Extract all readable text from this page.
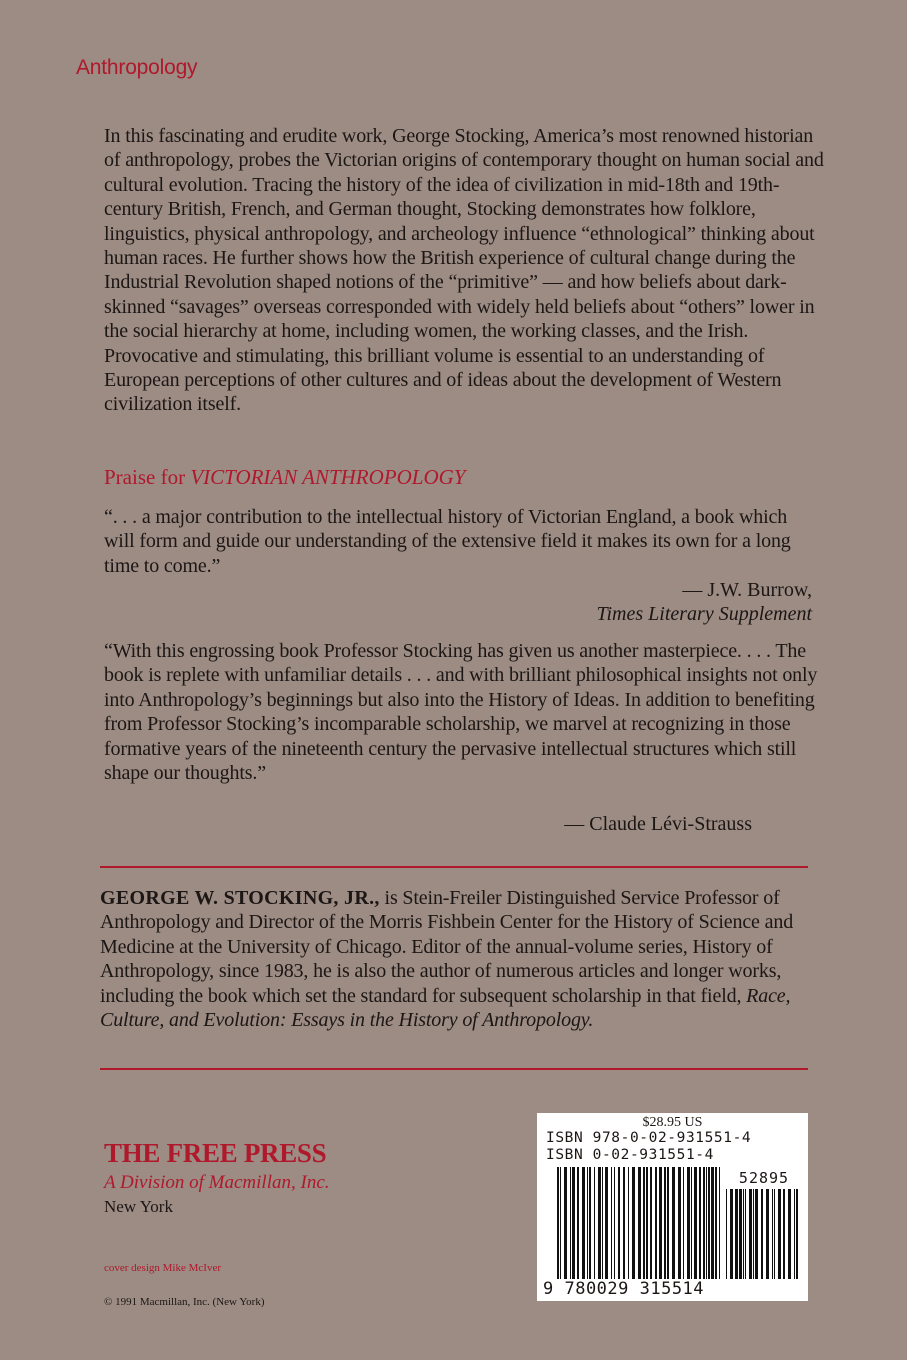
Anthropology

In this fascinating and erudite work, George Stocking, America’s most renowned historian of anthropology, probes the Victorian origins of contemporary thought on human social and cultural evolution. Tracing the history of the idea of civilization in mid-18th and 19th-century British, French, and German thought, Stocking demonstrates how folklore, linguistics, physical anthropology, and archeology influence “ethnological” thinking about human races. He further shows how the British experience of cultural change during the Industrial Revolution shaped notions of the “primitive” — and how beliefs about dark-skinned “savages” overseas corresponded with widely held beliefs about “others” lower in the social hierarchy at home, including women, the working classes, and the Irish. Provocative and stimulating, this brilliant volume is essential to an understanding of European perceptions of other cultures and of ideas about the development of Western civilization itself.

Praise for VICTORIAN ANTHROPOLOGY
“. . . a major contribution to the intellectual history of Victorian England, a book which will form and guide our understanding of the extensive field it makes its own for a long time to come.”
— J.W. Burrow,
Times Literary Supplement
“With this engrossing book Professor Stocking has given us another masterpiece. . . . The book is replete with unfamiliar details . . . and with brilliant philosophical insights not only into Anthropology’s beginnings but also into the History of Ideas. In addition to benefiting from Professor Stocking’s incomparable scholarship, we marvel at recognizing in those formative years of the nineteenth century the pervasive intellectual structures which still shape our thoughts.”
— Claude Lévi-Strauss
GEORGE W. STOCKING, JR., is Stein-Freiler Distinguished Service Professor of Anthropology and Director of the Morris Fishbein Center for the History of Science and Medicine at the University of Chicago. Editor of the annual-volume series, History of Anthropology, since 1983, he is also the author of numerous articles and longer works, including the book which set the standard for subsequent scholarship in that field, Race, Culture, and Evolution: Essays in the History of Anthropology.
THE FREE PRESS
A Division of Macmillan, Inc.
New York
cover design Mike McIver
© 1991 Macmillan, Inc. (New York)
$28.95 US
ISBN 978-0-02-931551-4
ISBN 0-02-931551-4
52895
9 780029 315514
